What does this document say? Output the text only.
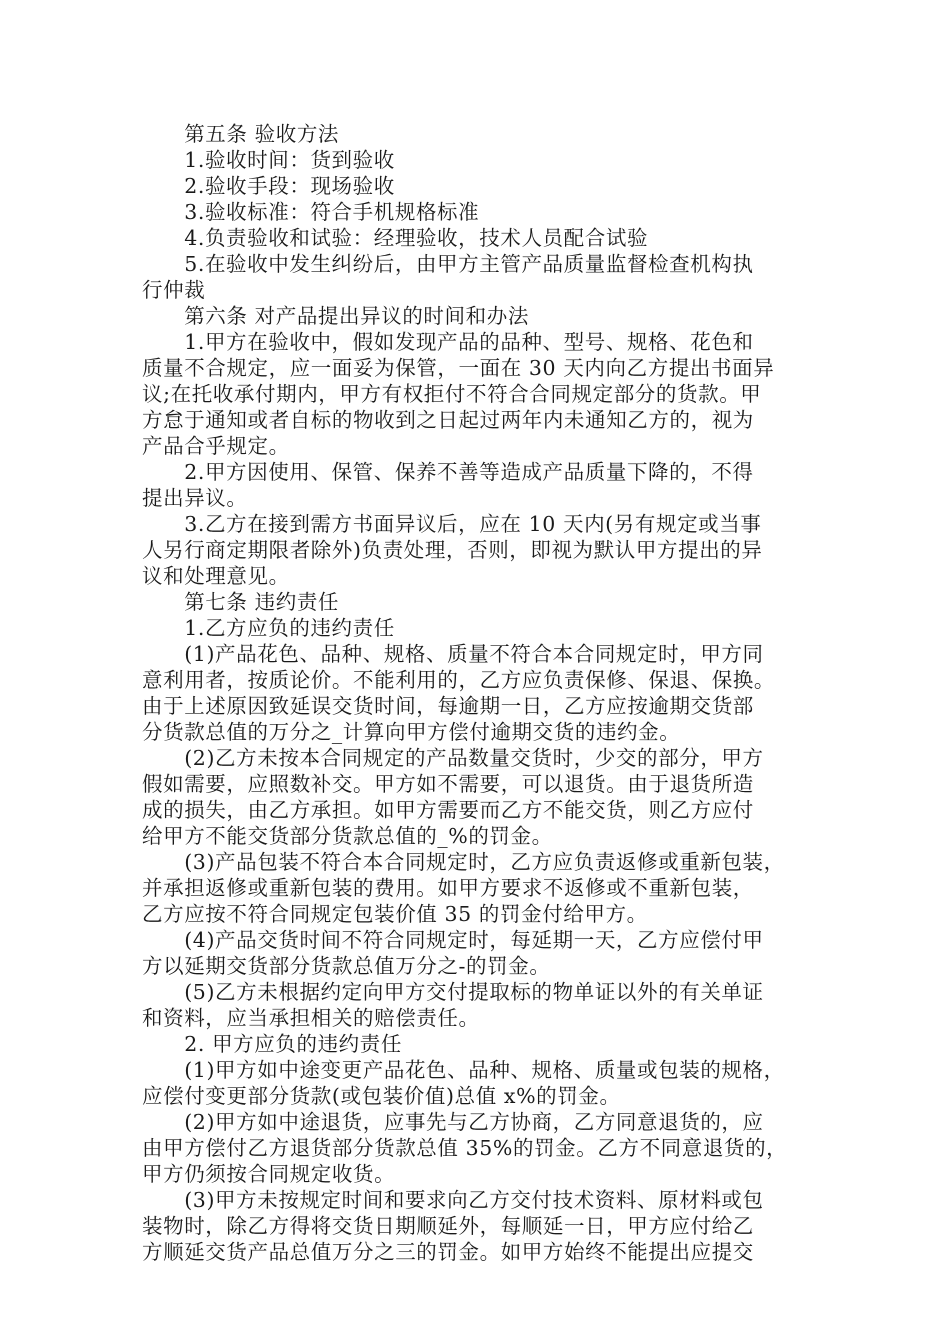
　　第五条 验收方法
　　1.验收时间：货到验收
　　2.验收手段：现场验收
　　3.验收标准：符合手机规格标准
　　4.负责验收和试验：经理验收，技术人员配合试验
　　5.在验收中发生纠纷后，由甲方主管产品质量监督检查机构执
行仲裁
　　第六条 对产品提出异议的时间和办法
　　1.甲方在验收中，假如发现产品的品种、型号、规格、花色和
质量不合规定，应一面妥为保管，一面在 30 天内向乙方提出书面异
议;在托收承付期内，甲方有权拒付不符合合同规定部分的货款。甲
方怠于通知或者自标的物收到之日起过两年内未通知乙方的，视为
产品合乎规定。
　　2.甲方因使用、保管、保养不善等造成产品质量下降的，不得
提出异议。
　　3.乙方在接到需方书面异议后，应在 10 天内(另有规定或当事
人另行商定期限者除外)负责处理，否则，即视为默认甲方提出的异
议和处理意见。
　　第七条 违约责任
　　1.乙方应负的违约责任
　　(1)产品花色、品种、规格、质量不符合本合同规定时，甲方同
意利用者，按质论价。不能利用的，乙方应负责保修、保退、保换。
由于上述原因致延误交货时间，每逾期一日，乙方应按逾期交货部
分货款总值的万分之_计算向甲方偿付逾期交货的违约金。
　　(2)乙方未按本合同规定的产品数量交货时，少交的部分，甲方
假如需要，应照数补交。甲方如不需要，可以退货。由于退货所造
成的损失，由乙方承担。如甲方需要而乙方不能交货，则乙方应付
给甲方不能交货部分货款总值的_%的罚金。
　　(3)产品包装不符合本合同规定时，乙方应负责返修或重新包装，
并承担返修或重新包装的费用。如甲方要求不返修或不重新包装，
乙方应按不符合同规定包装价值 35 的罚金付给甲方。
　　(4)产品交货时间不符合同规定时，每延期一天，乙方应偿付甲
方以延期交货部分货款总值万分之-的罚金。
　　(5)乙方未根据约定向甲方交付提取标的物单证以外的有关单证
和资料，应当承担相关的赔偿责任。
　　2. 甲方应负的违约责任
　　(1)甲方如中途变更产品花色、品种、规格、质量或包装的规格，
应偿付变更部分货款(或包装价值)总值 x%的罚金。
　　(2)甲方如中途退货，应事先与乙方协商，乙方同意退货的，应
由甲方偿付乙方退货部分货款总值 35%的罚金。乙方不同意退货的，
甲方仍须按合同规定收货。
　　(3)甲方未按规定时间和要求向乙方交付技术资料、原材料或包
装物时，除乙方得将交货日期顺延外，每顺延一日，甲方应付给乙
方顺延交货产品总值万分之三的罚金。如甲方始终不能提出应提交
